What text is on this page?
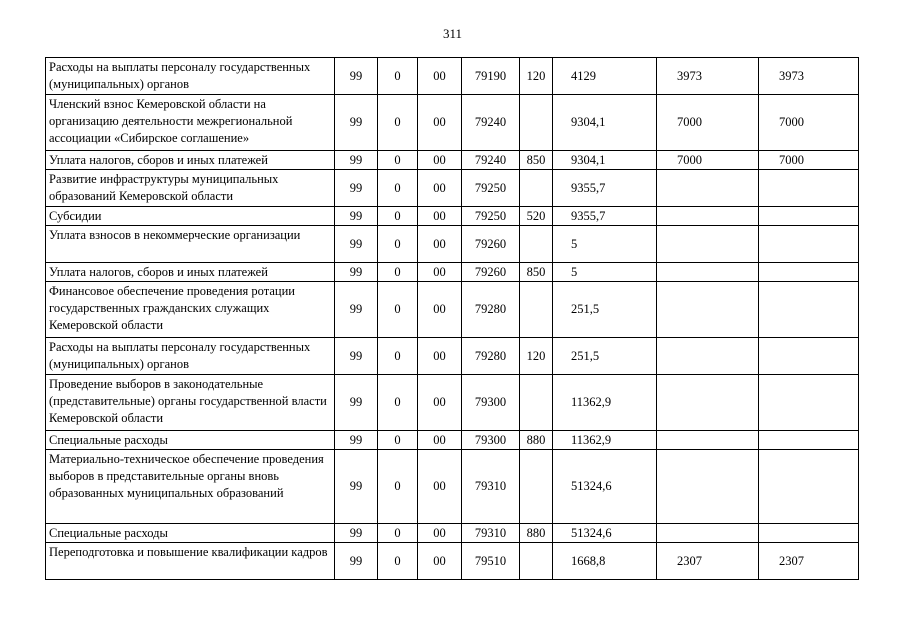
311
Расходы на выплаты персоналу государственных (муниципальных) органов	99	0	00	79190	120	4129	3973	3973
Членский взнос Кемеровской области на организацию деятельности межрегиональной ассоциации «Сибирское соглашение»	99	0	00	79240		9304,1	7000	7000
Уплата налогов, сборов и иных платежей	99	0	00	79240	850	9304,1	7000	7000
Развитие инфраструктуры муниципальных образований Кемеровской области	99	0	00	79250		9355,7		
Субсидии	99	0	00	79250	520	9355,7		
Уплата взносов в некоммерческие организации	99	0	00	79260		5		
Уплата налогов, сборов и иных платежей	99	0	00	79260	850	5		
Финансовое обеспечение проведения ротации государственных гражданских служащих Кемеровской области	99	0	00	79280		251,5		
Расходы на выплаты персоналу государственных (муниципальных) органов	99	0	00	79280	120	251,5		
Проведение выборов в законодательные (представительные) органы государственной власти Кемеровской области	99	0	00	79300		11362,9		
Специальные расходы	99	0	00	79300	880	11362,9		
Материально-техническое обеспечение проведения выборов в представительные органы вновь образованных муниципальных образований	99	0	00	79310		51324,6		
Специальные расходы	99	0	00	79310	880	51324,6		
Переподготовка и повышение квалификации кадров	99	0	00	79510		1668,8	2307	2307
